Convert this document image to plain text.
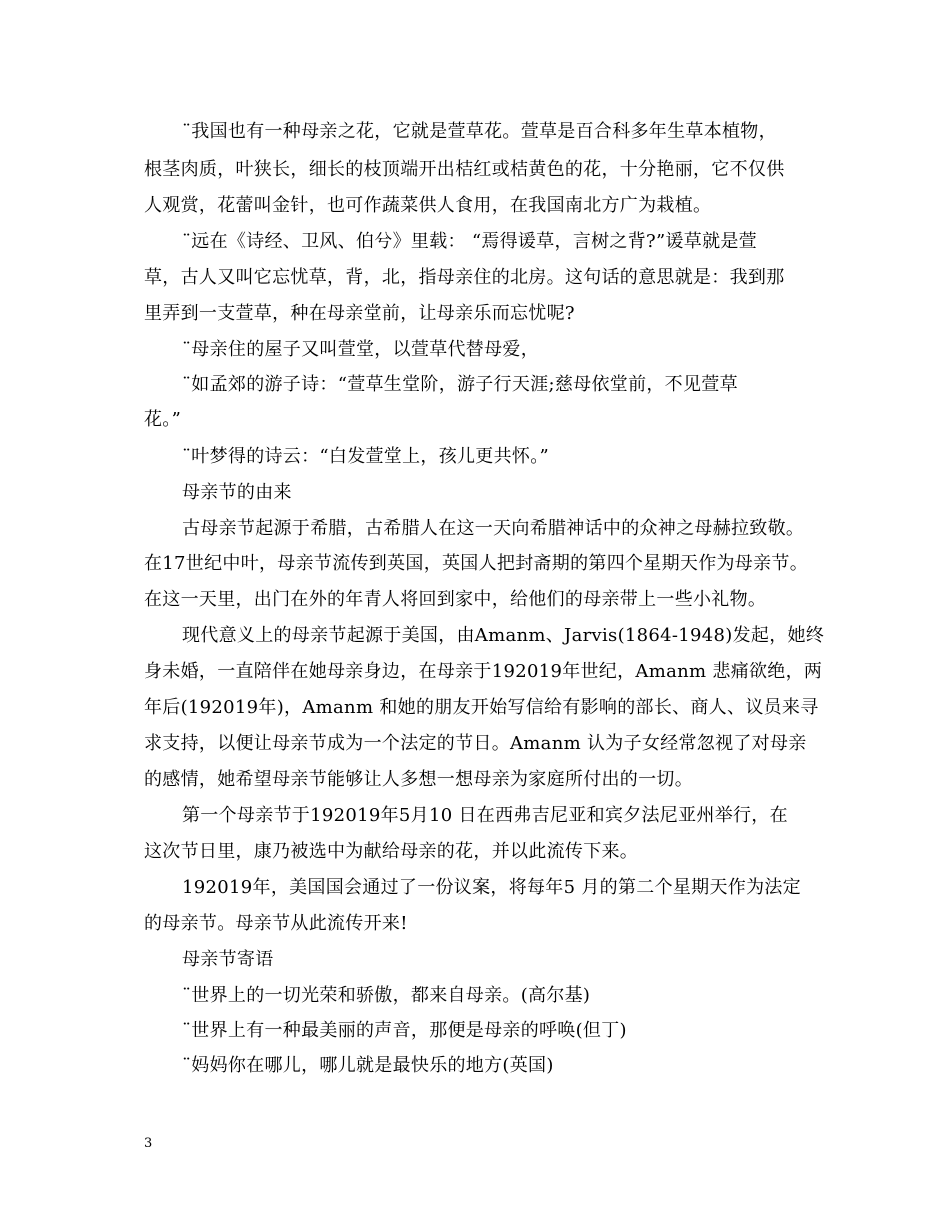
¨我国也有一种母亲之花，它就是萱草花。萱草是百合科多年生草本植物，
根茎肉质，叶狭长，细长的枝顶端开出桔红或桔黄色的花，十分艳丽，它不仅供
人观赏，花蕾叫金针，也可作蔬菜供人食用，在我国南北方广为栽植。
¨远在《诗经、卫风、伯兮》里载： “焉得谖草，言树之背?”谖草就是萱
草，古人又叫它忘忧草，背，北，指母亲住的北房。这句话的意思就是：我到那
里弄到一支萱草，种在母亲堂前，让母亲乐而忘忧呢?
¨母亲住的屋子又叫萱堂，以萱草代替母爱，
¨如孟郊的游子诗：“萱草生堂阶，游子行天涯;慈母依堂前，不见萱草
花。”
¨叶梦得的诗云：“白发萱堂上，孩儿更共怀。”
母亲节的由来
古母亲节起源于希腊，古希腊人在这一天向希腊神话中的众神之母赫拉致敬。
在17世纪中叶，母亲节流传到英国，英国人把封斋期的第四个星期天作为母亲节。
在这一天里，出门在外的年青人将回到家中，给他们的母亲带上一些小礼物。
现代意义上的母亲节起源于美国，由Amanm、Jarvis(1864-1948)发起，她终
身未婚，一直陪伴在她母亲身边，在母亲于192019年世纪，Amanm 悲痛欲绝，两
年后(192019年)，Amanm 和她的朋友开始写信给有影响的部长、商人、议员来寻
求支持，以便让母亲节成为一个法定的节日。Amanm 认为子女经常忽视了对母亲
的感情，她希望母亲节能够让人多想一想母亲为家庭所付出的一切。
第一个母亲节于192019年5月10 日在西弗吉尼亚和宾夕法尼亚州举行，在
这次节日里，康乃被选中为献给母亲的花，并以此流传下来。
192019年，美国国会通过了一份议案，将每年5 月的第二个星期天作为法定
的母亲节。母亲节从此流传开来!
母亲节寄语
¨世界上的一切光荣和骄傲，都来自母亲。(高尔基)
¨世界上有一种最美丽的声音，那便是母亲的呼唤(但丁)
¨妈妈你在哪儿，哪儿就是最快乐的地方(英国)
3
